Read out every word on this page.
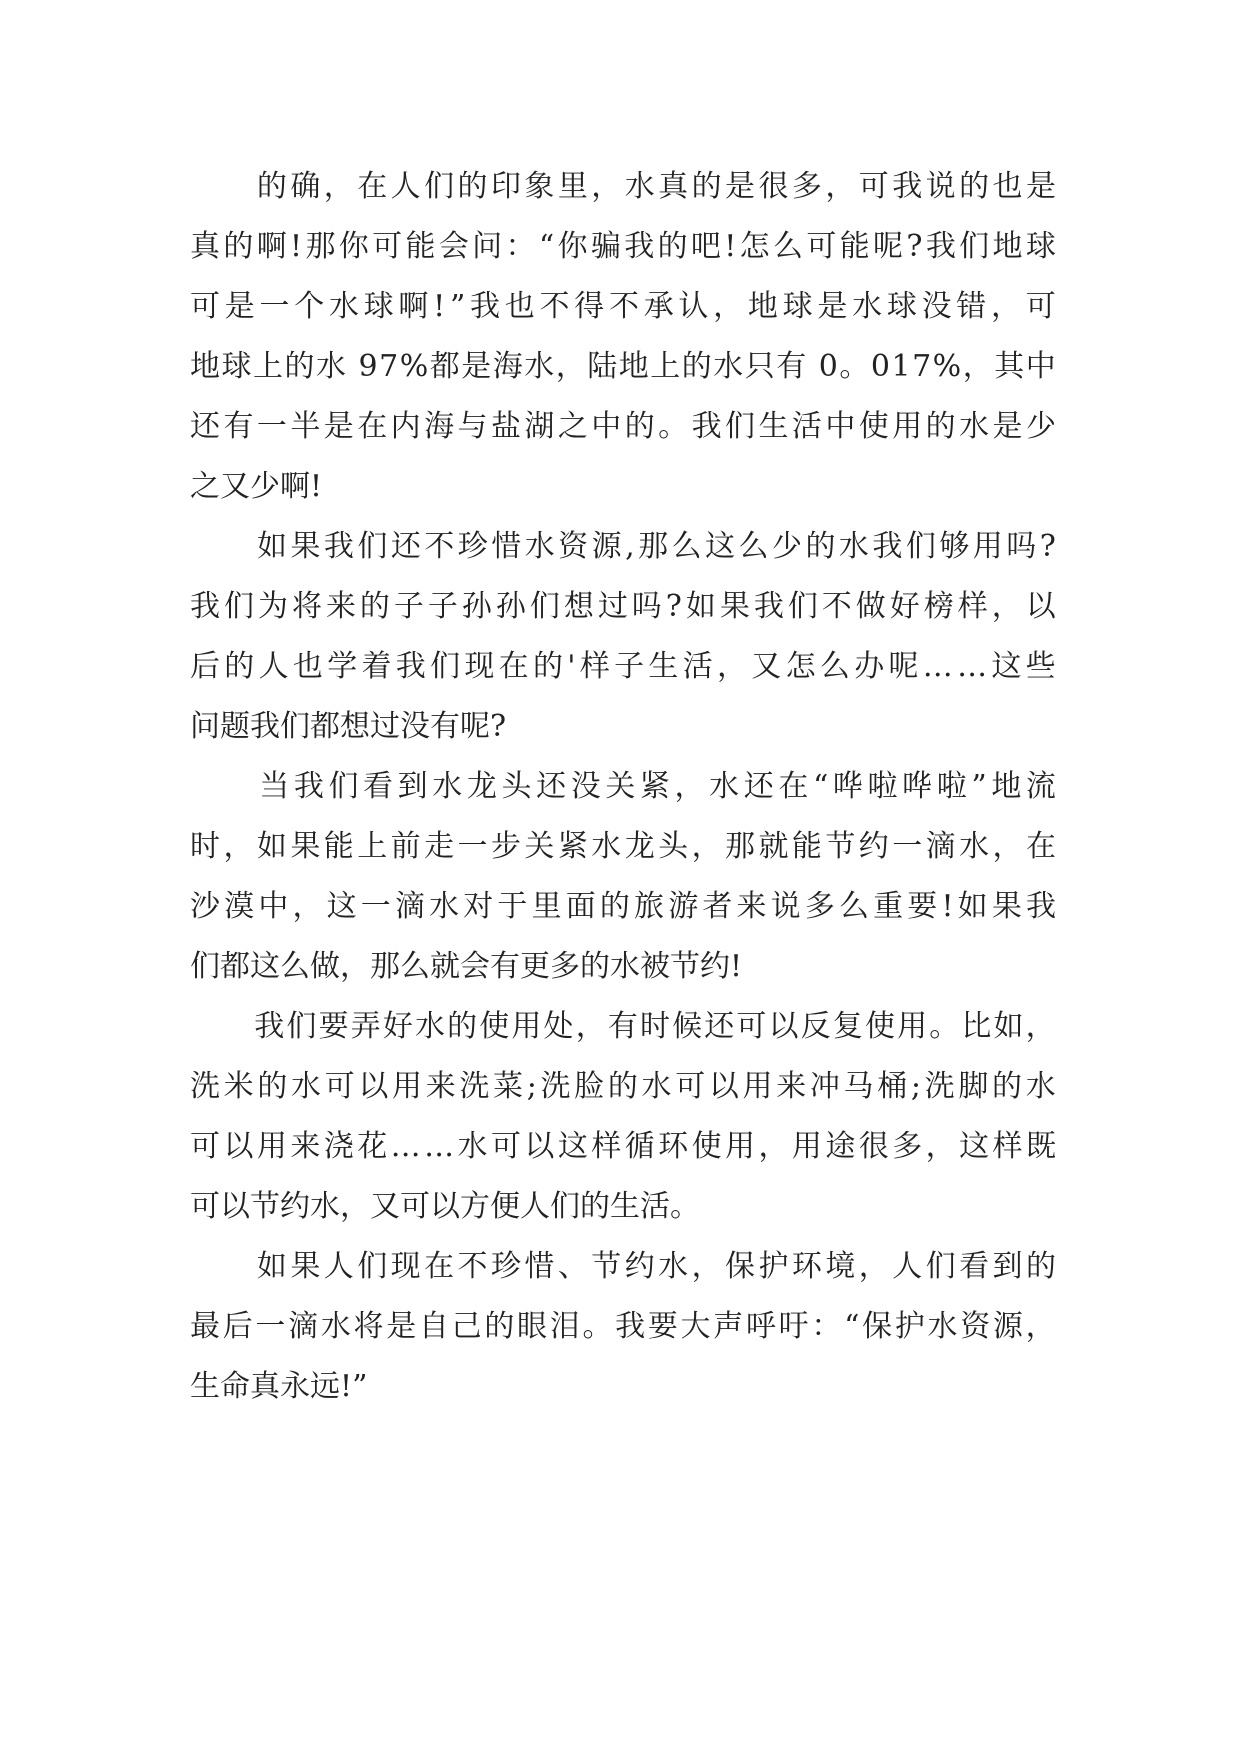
的 确 ， 在 人 们 的 印 象 里 ， 水 真 的 是 很 多 ， 可 我 说 的 也 是
真 的 啊 ! 那 你 可 能 会 问 ： “ 你 骗 我 的 吧 ! 怎 么 可 能 呢 ? 我 们 地 球
可 是 一 个 水 球 啊 ! ” 我 也 不 得 不 承 认 ， 地 球 是 水 球 没 错 ， 可
地 球 上 的 水
9 7 % 都 是 海 水 ， 陆 地 上 的 水 只 有
0 。 0 1 7 % ， 其 中
还 有 一 半 是 在 内 海 与 盐 湖 之 中 的 。 我 们 生 活 中 使 用 的 水 是 少
之 又 少 啊 !

如 果 我 们 还 不 珍 惜 水 资 源 , 那 么 这 么 少 的 水 我 们 够 用 吗 ?
我 们 为 将 来 的 子 子 孙 孙 们 想 过 吗 ? 如 果 我 们 不 做 好 榜 样 ， 以
后 的 人 也 学 着 我 们 现 在 的 ' 样 子 生 活 ， 又 怎 么 办 呢 … … 这 些
问 题 我 们 都 想 过 没 有 呢 ?

当 我 们 看 到 水 龙 头 还 没 关 紧 ， 水 还 在 “ 哗 啦 哗 啦 ” 地 流
时 ， 如 果 能 上 前 走 一 步 关 紧 水 龙 头 ， 那 就 能 节 约 一 滴 水 ， 在
沙 漠 中 ， 这 一 滴 水 对 于 里 面 的 旅 游 者 来 说 多 么 重 要 ! 如 果 我
们 都 这 么 做 ， 那 么 就 会 有 更 多 的 水 被 节 约 !

我 们 要 弄 好 水 的 使 用 处 ， 有 时 候 还 可 以 反 复 使 用 。 比 如 ，
洗 米 的 水 可 以 用 来 洗 菜 ; 洗 脸 的 水 可 以 用 来 冲 马 桶 ; 洗 脚 的 水
可 以 用 来 浇 花 … … 水 可 以 这 样 循 环 使 用 ， 用 途 很 多 ， 这 样 既
可 以 节 约 水 ， 又 可 以 方 便 人 们 的 生 活 。

如 果 人 们 现 在 不 珍 惜 、 节 约 水 ， 保 护 环 境 ， 人 们 看 到 的
最 后 一 滴 水 将 是 自 己 的 眼 泪 。 我 要 大 声 呼 吁 ： “ 保 护 水 资 源 ，
生 命 真 永 远 ! ”
